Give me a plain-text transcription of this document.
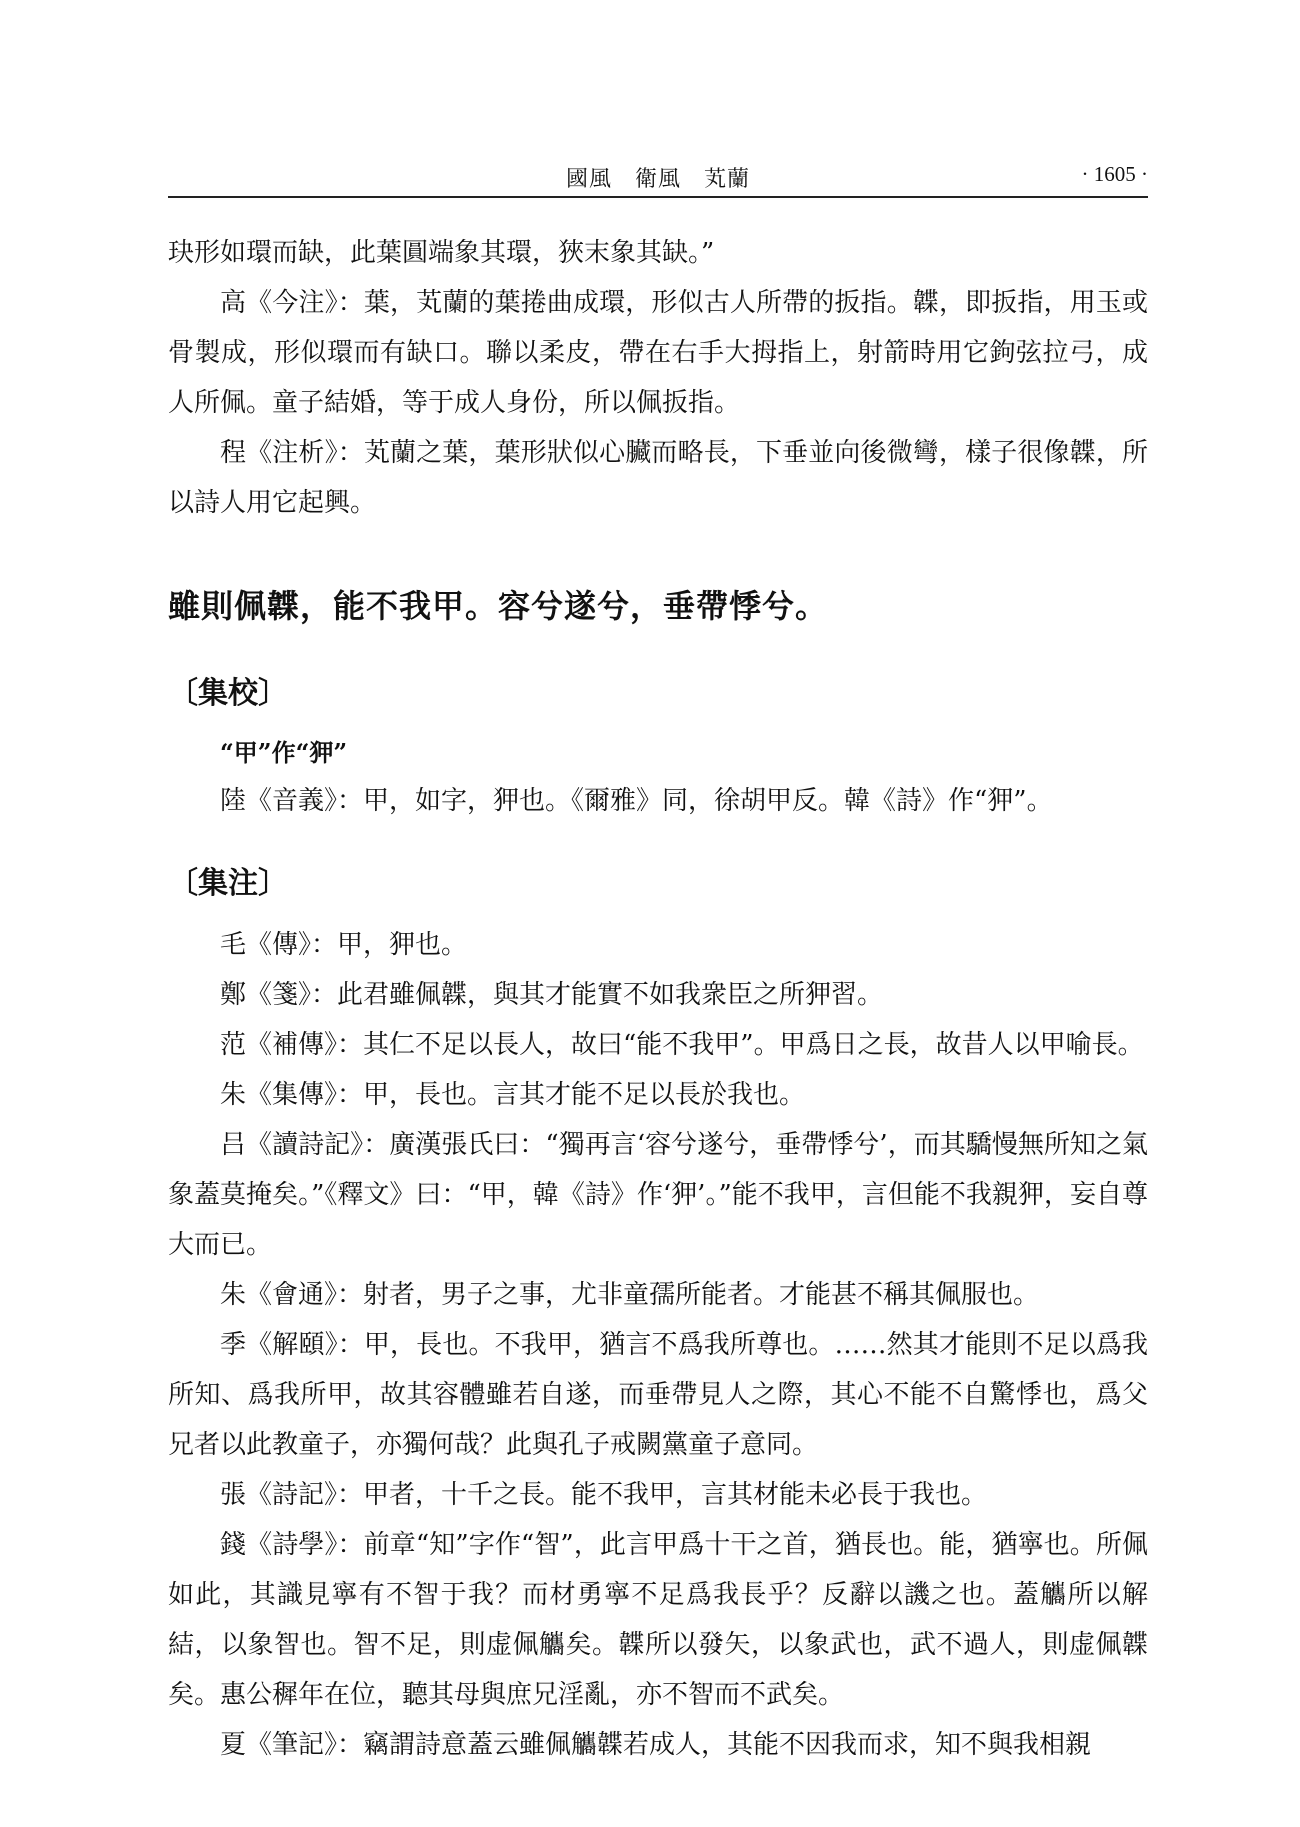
國風　衛風　芄蘭	· 1605 ·

玦形如環而缺，此葉圓端象其環，狹末象其缺。”

高《今注》：葉，芄蘭的葉捲曲成環，形似古人所帶的扳指。韘，即扳指，用玉或骨製成，形似環而有缺口。聯以柔皮，帶在右手大拇指上，射箭時用它鉤弦拉弓，成人所佩。童子結婚，等于成人身份，所以佩扳指。

程《注析》：芄蘭之葉，葉形狀似心臟而略長，下垂並向後微彎，樣子很像韘，所以詩人用它起興。

雖則佩韘，能不我甲。容兮遂兮，垂帶悸兮。
〔集校〕
“甲”作“狎”

陸《音義》：甲，如字，狎也。《爾雅》同，徐胡甲反。韓《詩》作“狎”。

〔集注〕

毛《傳》：甲，狎也。

鄭《箋》：此君雖佩韘，與其才能實不如我衆臣之所狎習。

范《補傳》：其仁不足以長人，故曰“能不我甲”。甲爲日之長，故昔人以甲喻長。

朱《集傳》：甲，長也。言其才能不足以長於我也。

吕《讀詩記》：廣漢張氏曰：“獨再言‘容兮遂兮，垂帶悸兮’，而其驕慢無所知之氣象蓋莫掩矣。”《釋文》曰：“甲，韓《詩》作‘狎’。”能不我甲，言但能不我親狎，妄自尊大而已。

朱《會通》：射者，男子之事，尤非童孺所能者。才能甚不稱其佩服也。

季《解頤》：甲，長也。不我甲，猶言不爲我所尊也。……然其才能則不足以爲我所知、爲我所甲，故其容體雖若自遂，而垂帶見人之際，其心不能不自驚悸也，爲父兄者以此教童子，亦獨何哉？此與孔子戒闕黨童子意同。

張《詩記》：甲者，十千之長。能不我甲，言其材能未必長于我也。

錢《詩學》：前章“知”字作“智”，此言甲爲十干之首，猶長也。能，猶寧也。所佩如此，其識見寧有不智于我？而材勇寧不足爲我長乎？反辭以譏之也。蓋觿所以解結，以象智也。智不足，則虚佩觿矣。韘所以發矢，以象武也，武不過人，則虚佩韘矣。惠公穉年在位，聽其母與庶兄淫亂，亦不智而不武矣。

夏《筆記》：竊謂詩意蓋云雖佩觿韘若成人，其能不因我而求，知不與我相親
